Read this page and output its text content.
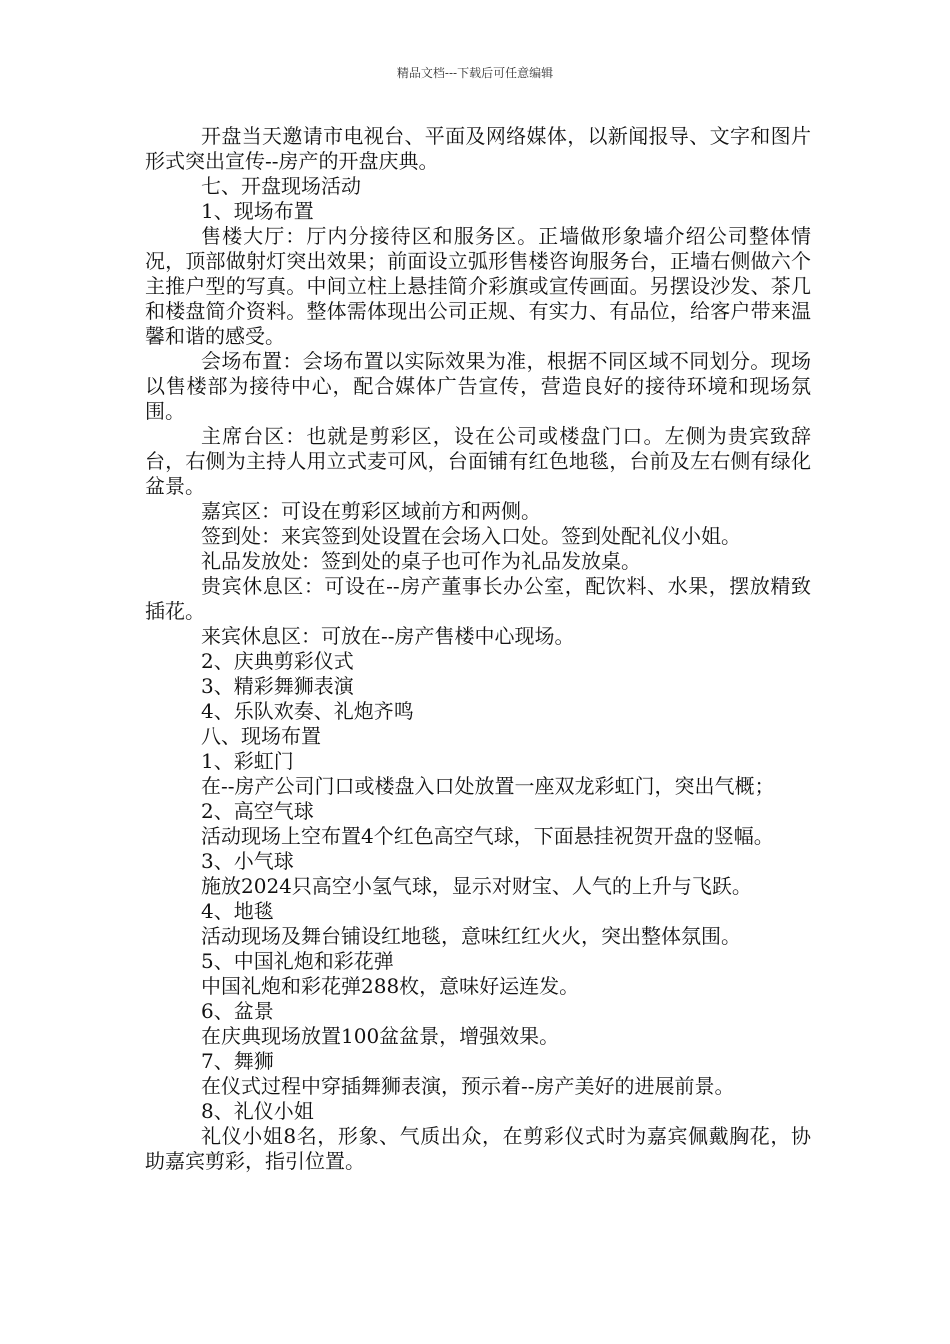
精品文档---下载后可任意编辑

开盘当天邀请市电视台、平面及网络媒体，以新闻报导、文字和图片形式突出宣传--房产的开盘庆典。

七、开盘现场活动

1、现场布置

售楼大厅：厅内分接待区和服务区。正墙做形象墙介绍公司整体情况，顶部做射灯突出效果；前面设立弧形售楼咨询服务台，正墙右侧做六个主推户型的写真。中间立柱上悬挂简介彩旗或宣传画面。另摆设沙发、茶几和楼盘简介资料。整体需体现出公司正规、有实力、有品位，给客户带来温馨和谐的感受。

会场布置：会场布置以实际效果为准，根据不同区域不同划分。现场以售楼部为接待中心，配合媒体广告宣传，营造良好的接待环境和现场氛围。

主席台区：也就是剪彩区，设在公司或楼盘门口。左侧为贵宾致辞台，右侧为主持人用立式麦可风，台面铺有红色地毯，台前及左右侧有绿化盆景。

嘉宾区：可设在剪彩区域前方和两侧。

签到处：来宾签到处设置在会场入口处。签到处配礼仪小姐。

礼品发放处：签到处的桌子也可作为礼品发放桌。

贵宾休息区：可设在--房产董事长办公室，配饮料、水果，摆放精致插花。

来宾休息区：可放在--房产售楼中心现场。

2、庆典剪彩仪式

3、精彩舞狮表演

4、乐队欢奏、礼炮齐鸣

八、现场布置

1、彩虹门

在--房产公司门口或楼盘入口处放置一座双龙彩虹门，突出气概；

2、高空气球

活动现场上空布置4个红色高空气球，下面悬挂祝贺开盘的竖幅。

3、小气球

施放2024只高空小氢气球，显示对财宝、人气的上升与飞跃。

4、地毯

活动现场及舞台铺设红地毯，意味红红火火，突出整体氛围。

5、中国礼炮和彩花弹

中国礼炮和彩花弹288枚，意味好运连发。

6、盆景

在庆典现场放置100盆盆景，增强效果。

7、舞狮

在仪式过程中穿插舞狮表演，预示着--房产美好的进展前景。

8、礼仪小姐

礼仪小姐8名，形象、气质出众，在剪彩仪式时为嘉宾佩戴胸花，协助嘉宾剪彩，指引位置。
